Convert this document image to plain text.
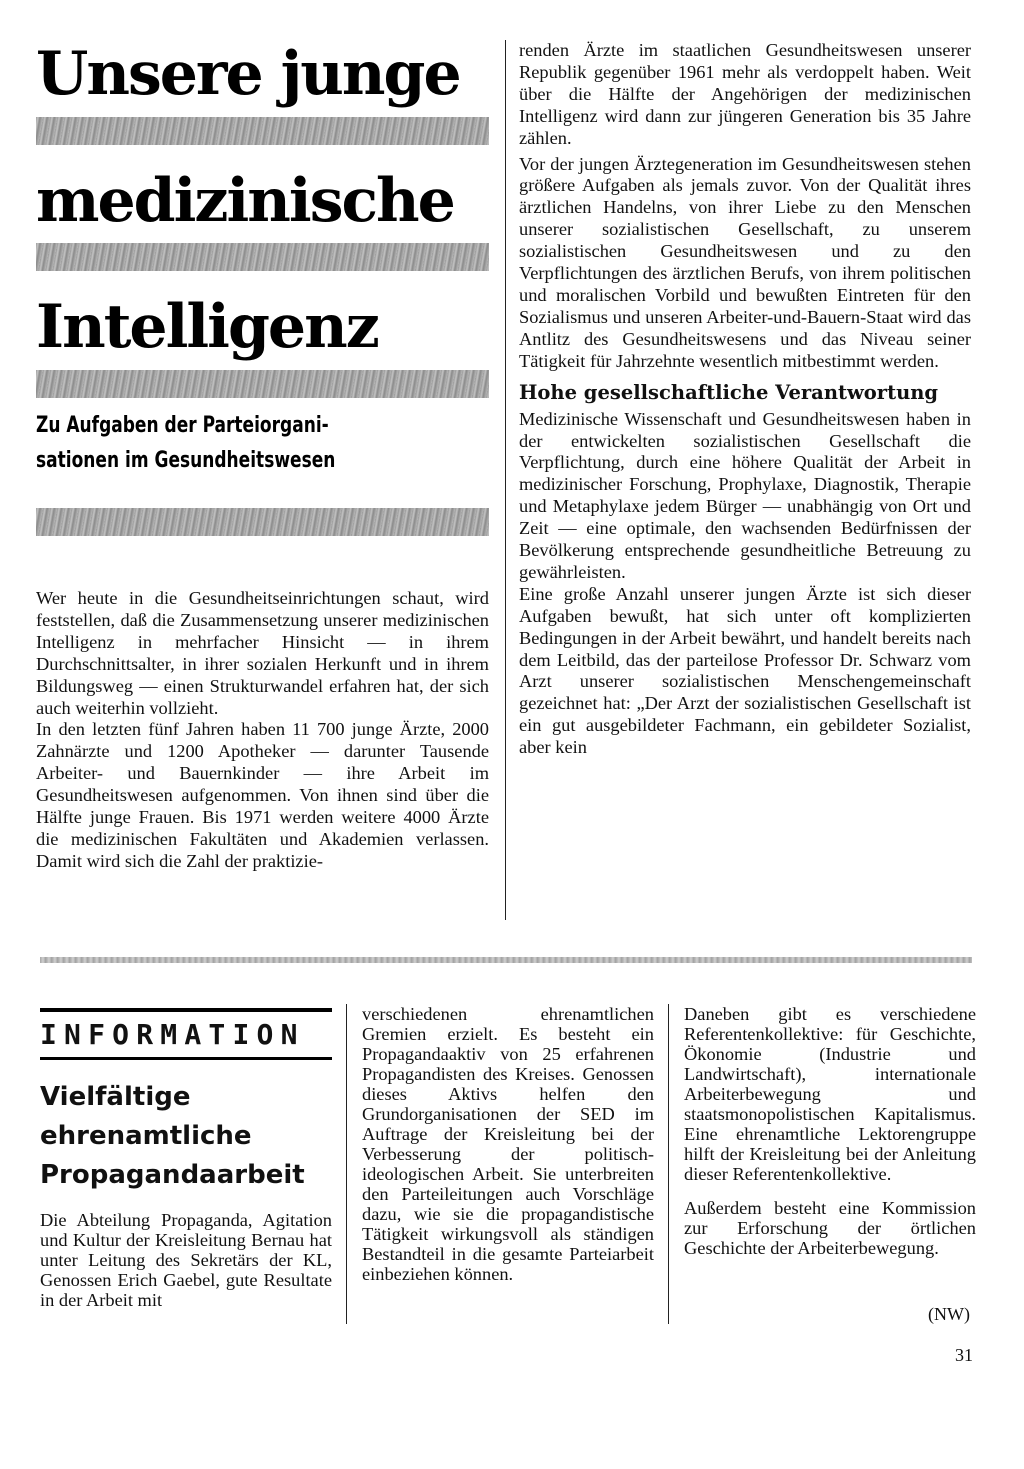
Unsere junge
medizinische
Intelligenz
Zu Aufgaben der Parteiorgani-
sationen im Gesundheitswesen

Wer heute in die Gesundheitseinrichtungen schaut, wird feststellen, daß die Zusammensetzung unserer medizinischen Intelligenz in mehrfacher Hinsicht — in ihrem Durchschnittsalter, in ihrer sozialen Herkunft und in ihrem Bildungsweg — einen Strukturwandel erfahren hat, der sich auch weiterhin vollzieht.

In den letzten fünf Jahren haben 11 700 junge Ärzte, 2000 Zahnärzte und 1200 Apotheker — darunter Tausende Arbeiter- und Bauernkinder — ihre Arbeit im Gesundheitswesen aufgenommen. Von ihnen sind über die Hälfte junge Frauen. Bis 1971 werden weitere 4000 Ärzte die medizinischen Fakultäten und Akademien verlassen. Damit wird sich die Zahl der praktizie-

renden Ärzte im staatlichen Gesundheitswesen unserer Republik gegenüber 1961 mehr als verdoppelt haben. Weit über die Hälfte der Angehörigen der medizinischen Intelligenz wird dann zur jüngeren Generation bis 35 Jahre zählen.

Vor der jungen Ärztegeneration im Gesundheitswesen stehen größere Aufgaben als jemals zuvor. Von der Qualität ihres ärztlichen Handelns, von ihrer Liebe zu den Menschen unserer sozialistischen Gesellschaft, zu unserem sozialistischen Gesundheitswesen und zu den Verpflichtungen des ärztlichen Berufs, von ihrem politischen und moralischen Vorbild und bewußten Eintreten für den Sozialismus und unseren Arbeiter-und-Bauern-Staat wird das Antlitz des Gesundheitswesens und das Niveau seiner Tätigkeit für Jahrzehnte wesentlich mitbestimmt werden.

Hohe gesellschaftliche Verantwortung

Medizinische Wissenschaft und Gesundheitswesen haben in der entwickelten sozialistischen Gesellschaft die Verpflichtung, durch eine höhere Qualität der Arbeit in medizinischer Forschung, Prophylaxe, Diagnostik, Therapie und Metaphylaxe jedem Bürger — unabhängig von Ort und Zeit — eine optimale, den wachsenden Bedürfnissen der Bevölkerung entsprechende gesundheitliche Betreuung zu gewährleisten.

Eine große Anzahl unserer jungen Ärzte ist sich dieser Aufgaben bewußt, hat sich unter oft komplizierten Bedingungen in der Arbeit bewährt, und handelt bereits nach dem Leitbild, das der parteilose Professor Dr. Schwarz vom Arzt unserer sozialistischen Menschengemeinschaft gezeichnet hat: „Der Arzt der sozialistischen Gesellschaft ist ein gut ausgebildeter Fachmann, ein gebildeter Sozialist, aber kein

INFORMATION
Vielfältige
ehrenamtliche
Propagandaarbeit
Die Abteilung Propaganda, Agitation und Kultur der Kreisleitung Bernau hat unter Leitung des Sekretärs der KL, Genossen Erich Gaebel, gute Resultate in der Arbeit mit
verschiedenen ehrenamtlichen Gremien erzielt. Es besteht ein Propagandaaktiv von 25 erfahrenen Propagandisten des Kreises. Genossen dieses Aktivs helfen den Grundorganisationen der SED im Auftrage der Kreisleitung bei der Verbesserung der politisch-ideologischen Arbeit. Sie unterbreiten den Parteileitungen auch Vorschläge dazu, wie sie die propagandistische Tätigkeit wirkungsvoll als ständigen Bestandteil in die gesamte Parteiarbeit einbeziehen können.

Daneben gibt es verschiedene Referentenkollektive: für Geschichte, Ökonomie (Industrie und Landwirtschaft), internationale Arbeiterbewegung und staatsmonopolistischen Kapitalismus. Eine ehrenamtliche Lektorengruppe hilft der Kreisleitung bei der Anleitung dieser Referentenkollektive.

Außerdem besteht eine Kommission zur Erforschung der örtlichen Geschichte der Arbeiterbewegung.

(NW)
31
